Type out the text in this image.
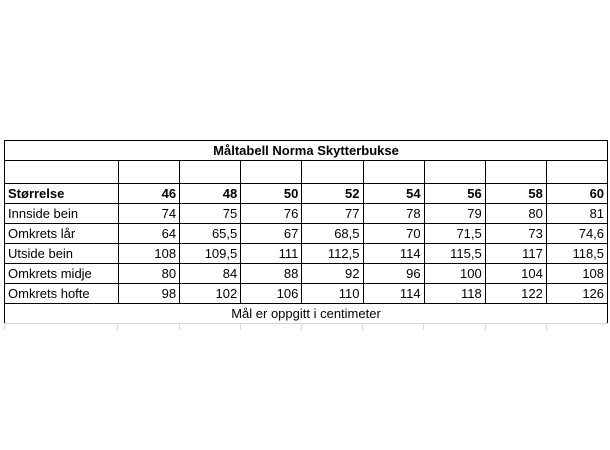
Måltabell Norma Skytterbukse								

Størrelse	46	48	50	52	54	56	58	60
Innside bein	74	75	76	77	78	79	80	81
Omkrets lår	64	65,5	67	68,5	70	71,5	73	74,6
Utside bein	108	109,5	111	112,5	114	115,5	117	118,5
Omkrets midje	80	84	88	92	96	100	104	108
Omkrets hofte	98	102	106	110	114	118	122	126
Mål er oppgitt i centimeter								
